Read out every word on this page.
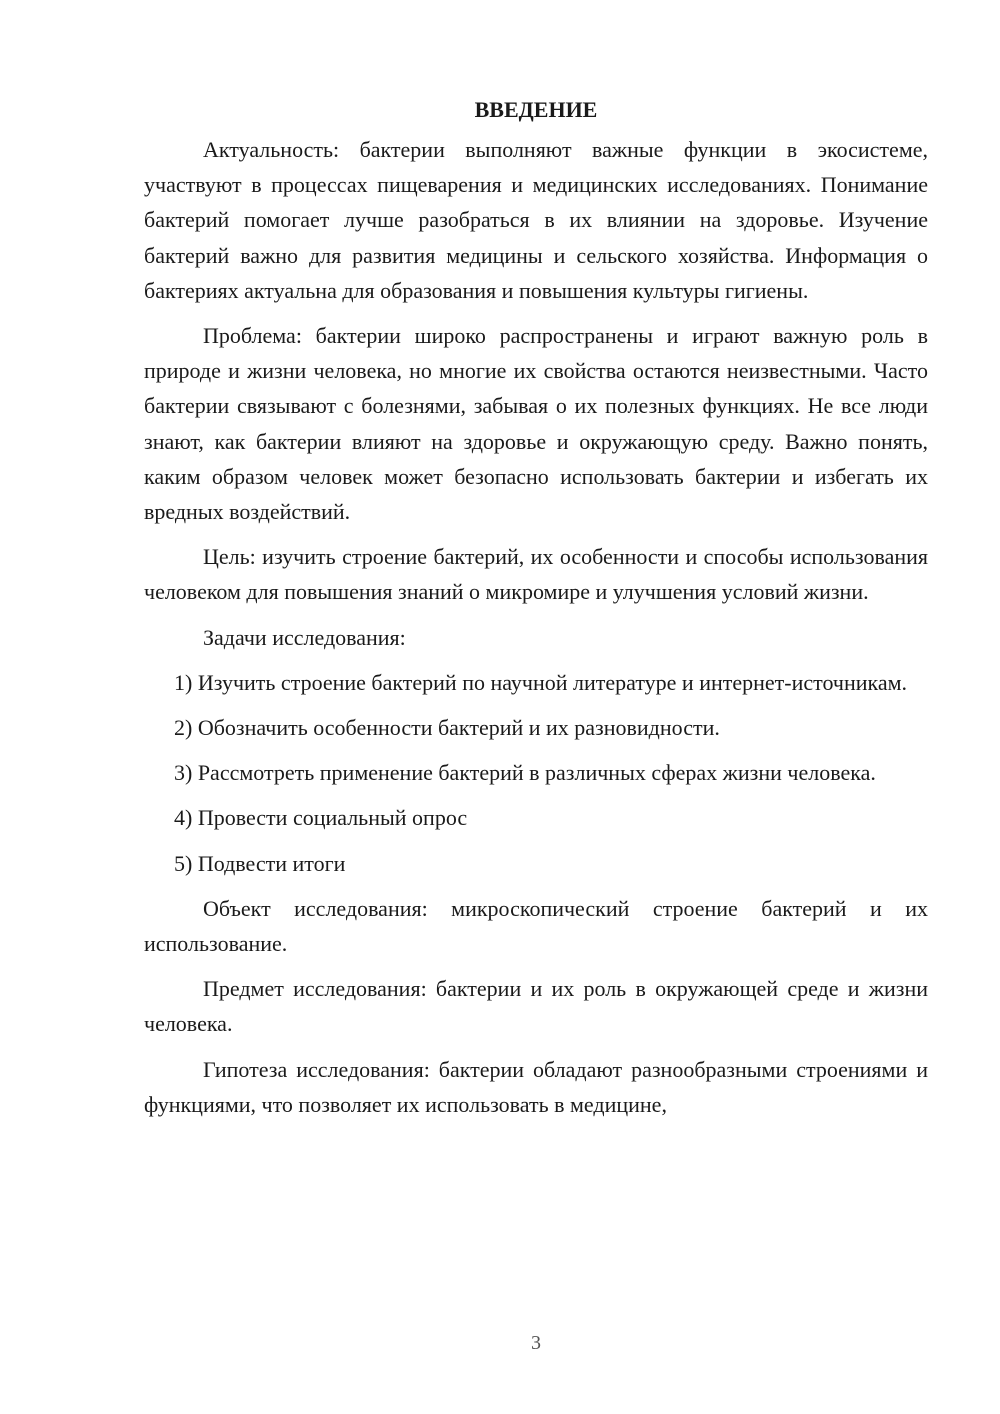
ВВЕДЕНИЕ

Актуальность: бактерии выполняют важные функции в экосистеме, участвуют в процессах пищеварения и медицинских исследованиях. Понимание бактерий помогает лучше разобраться в их влиянии на здоровье. Изучение бактерий важно для развития медицины и сельского хозяйства. Информация о бактериях актуальна для образования и повышения культуры гигиены.

Проблема: бактерии широко распространены и играют важную роль в природе и жизни человека, но многие их свойства остаются неизвестными. Часто бактерии связывают с болезнями, забывая о их полезных функциях. Не все люди знают, как бактерии влияют на здоровье и окружающую среду. Важно понять, каким образом человек может безопасно использовать бактерии и избегать их вредных воздействий.

Цель: изучить строение бактерий, их особенности и способы использования человеком для повышения знаний о микромире и улучшения условий жизни.

Задачи исследования:

1) Изучить строение бактерий по научной литературе и интернет-источникам.

2) Обозначить особенности бактерий и их разновидности.

3) Рассмотреть применение бактерий в различных сферах жизни человека.

4) Провести социальный опрос

5) Подвести итоги

Объект исследования: микроскопический строение бактерий и их использование.

Предмет исследования: бактерии и их роль в окружающей среде и жизни человека.

Гипотеза исследования: бактерии обладают разнообразными строениями и функциями, что позволяет их использовать в медицине,

3
